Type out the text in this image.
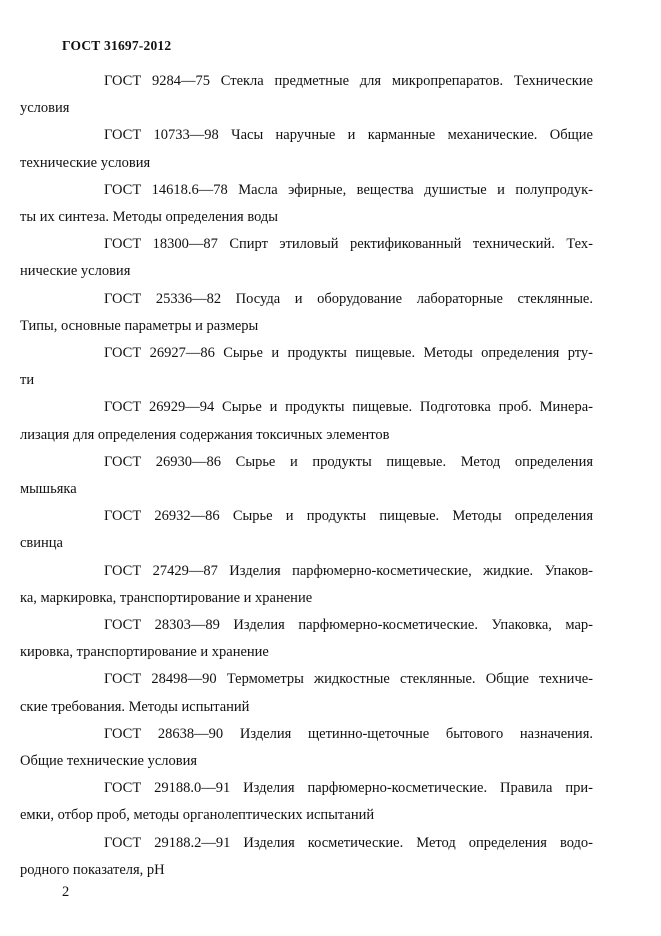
ГОСТ 31697-2012

ГОСТ 9284—75 Стекла предметные для микропрепаратов. Технические
условия

ГОСТ 10733—98 Часы наручные и карманные механические. Общие
технические условия

ГОСТ 14618.6—78 Масла эфирные, вещества душистые и полупродук-
ты их синтеза. Методы определения воды

ГОСТ 18300—87 Спирт этиловый ректификованный технический. Тех-
нические условия

ГОСТ 25336—82 Посуда и оборудование лабораторные стеклянные.
Типы, основные параметры и размеры

ГОСТ 26927—86 Сырье и продукты пищевые. Методы определения рту-
ти

ГОСТ 26929—94 Сырье и продукты пищевые. Подготовка проб. Минера-
лизация для определения содержания токсичных элементов

ГОСТ 26930—86 Сырье и продукты пищевые. Метод определения
мышьяка

ГОСТ 26932—86 Сырье и продукты пищевые. Методы определения
свинца

ГОСТ 27429—87 Изделия парфюмерно-косметические, жидкие. Упаков-
ка, маркировка, транспортирование и хранение

ГОСТ 28303—89 Изделия парфюмерно-косметические. Упаковка, мар-
кировка, транспортирование и хранение

ГОСТ 28498—90 Термометры жидкостные стеклянные. Общие техниче-
ские требования. Методы испытаний

ГОСТ 28638—90 Изделия щетинно-щеточные бытового назначения.
Общие технические условия

ГОСТ 29188.0—91 Изделия парфюмерно-косметические. Правила при-
емки, отбор проб, методы органолептических испытаний

ГОСТ 29188.2—91 Изделия косметические. Метод определения водо-
родного показателя, pH

2
